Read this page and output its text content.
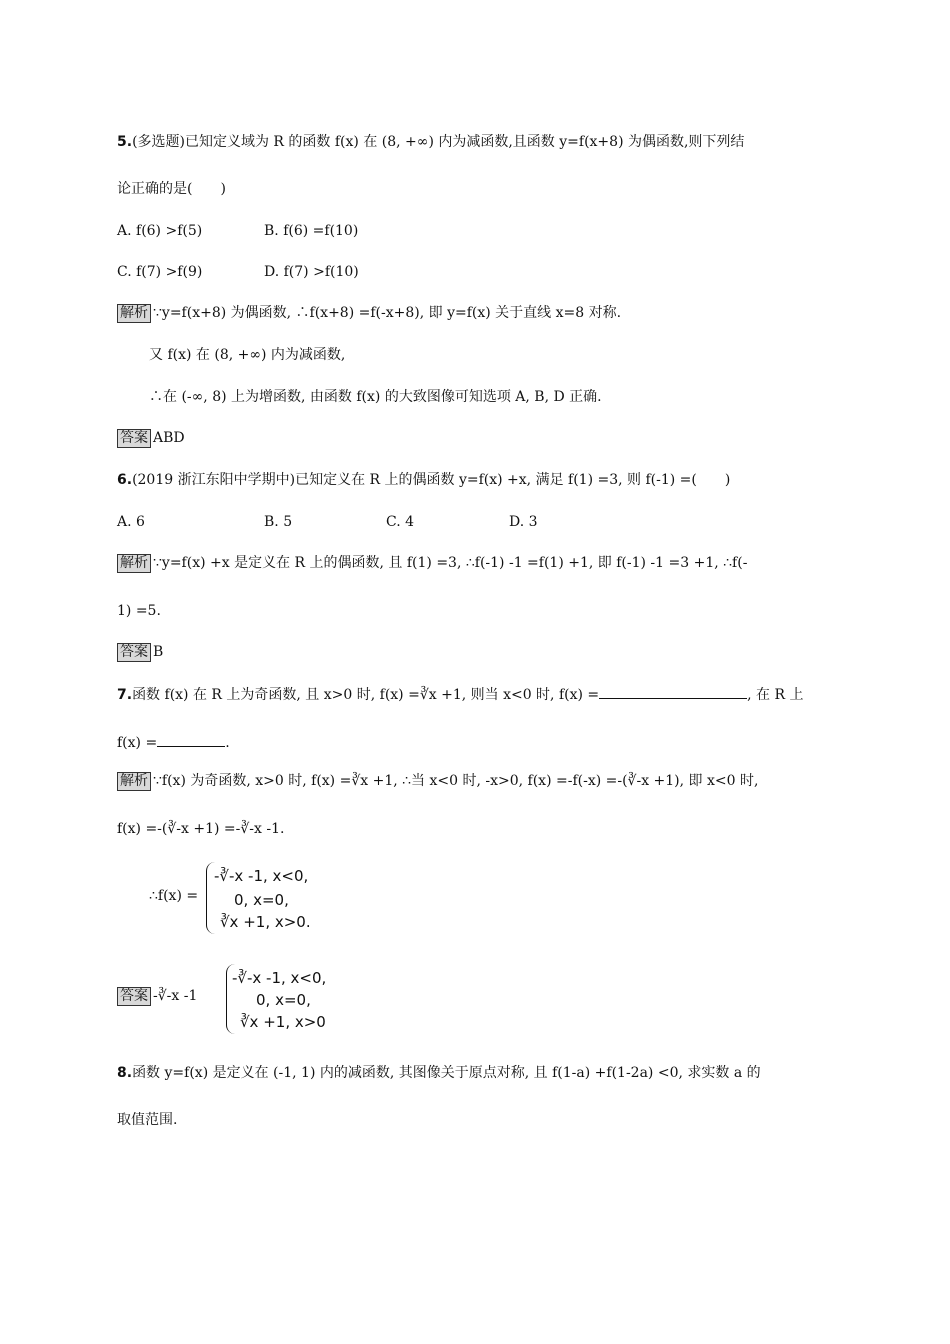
5.(多选题)已知定义域为 R 的函数 f(x) 在 (8, +∞) 内为减函数,且函数 y=f(x+8) 为偶函数,则下列结
论正确的是(　　)
A. f(6) >f(5)	B. f(6) =f(10)
C. f(7) >f(9)	D. f(7) >f(10)
解析 ∵y=f(x+8) 为偶函数, ∴f(x+8) =f(-x+8), 即 y=f(x) 关于直线 x=8 对称.
又 f(x) 在 (8, +∞) 内为减函数,
∴在 (-∞, 8) 上为增函数, 由函数 f(x) 的大致图像可知选项 A, B, D 正确.
答案 ABD
6.(2019 浙江东阳中学期中)已知定义在 R 上的偶函数 y=f(x) +x, 满足 f(1) =3, 则 f(-1) =(　　)
A. 6	B. 5	C. 4	D. 3
解析 ∵y=f(x) +x 是定义在 R 上的偶函数, 且 f(1) =3, ∴f(-1) -1 =f(1) +1, 即 f(-1) -1 =3 +1, ∴f(-
1) =5.
答案 B
7.函数 f(x) 在 R 上为奇函数, 且 x>0 时, f(x) =∛x +1, 则当 x<0 时, f(x) =	, 在 R 上
f(x) =	.
解析 ∵f(x) 为奇函数, x>0 时, f(x) =∛x +1, ∴当 x<0 时, -x>0, f(x) =-f(-x) =-(∛-x +1), 即 x<0 时,
f(x) =-(∛-x +1) =-∛-x -1.
∴f(x) =
-∛-x -1, x<0,
0, x=0,
∛x +1, x>0.
答案 -∛-x -1
-∛-x -1, x<0,
0, x=0,
∛x +1, x>0
8.函数 y=f(x) 是定义在 (-1, 1) 内的减函数, 其图像关于原点对称, 且 f(1-a) +f(1-2a) <0, 求实数 a 的
取值范围.
